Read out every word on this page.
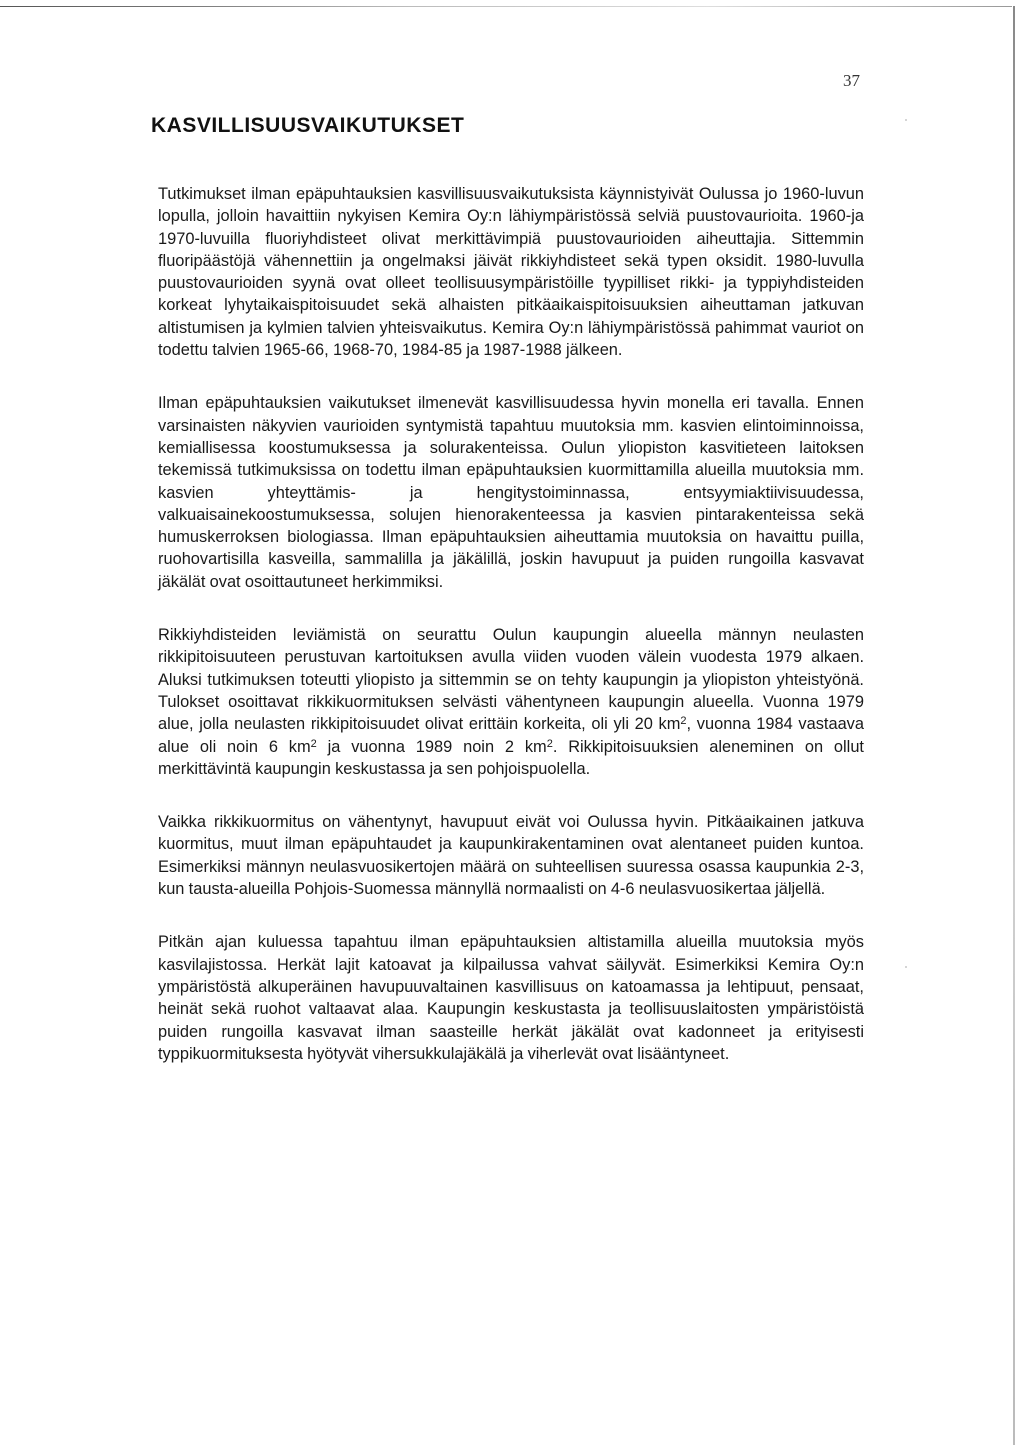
37
KASVILLISUUSVAIKUTUKSET

Tutkimukset ilman epäpuhtauksien kasvillisuusvaikutuksista käynnistyivät Oulussa jo 1960-luvun lopulla, jolloin havaittiin nykyisen Kemira Oy:n lähiympäristössä selviä puustovaurioita. 1960-ja 1970-luvuilla fluoriyhdisteet olivat merkittävimpiä puustovaurioiden aiheuttajia. Sittemmin fluoripäästöjä vähennettiin ja ongelmaksi jäivät rikkiyhdisteet sekä typen oksidit. 1980-luvulla puustovaurioiden syynä ovat olleet teollisuusympäristöille tyypilliset rikki- ja typpiyhdisteiden korkeat lyhytaikaispitoisuudet sekä alhaisten pitkäaikaispitoisuuksien aiheuttaman jatkuvan altistumisen ja kylmien talvien yhteisvaikutus. Kemira Oy:n lähiympäristössä pahimmat vauriot on todettu talvien 1965-66, 1968-70, 1984-85 ja 1987-1988 jälkeen.

Ilman epäpuhtauksien vaikutukset ilmenevät kasvillisuudessa hyvin monella eri tavalla. Ennen varsinaisten näkyvien vaurioiden syntymistä tapahtuu muutoksia mm. kasvien elintoiminnoissa, kemiallisessa koostumuksessa ja solurakenteissa. Oulun yliopiston kasvitieteen laitoksen tekemissä tutkimuksissa on todettu ilman epäpuhtauksien kuormittamilla alueilla muutoksia mm. kasvien yhteyttämis- ja hengitystoiminnassa, entsyymiaktiivisuudessa, valkuaisainekoostumuksessa, solujen hienorakenteessa ja kasvien pintarakenteissa sekä humuskerroksen biologiassa. Ilman epäpuhtauksien aiheuttamia muutoksia on havaittu puilla, ruohovartisilla kasveilla, sammalilla ja jäkälillä, joskin havupuut ja puiden rungoilla kasvavat jäkälät ovat osoittautuneet herkimmiksi.

Rikkiyhdisteiden leviämistä on seurattu Oulun kaupungin alueella männyn neulasten rikkipitoisuuteen perustuvan kartoituksen avulla viiden vuoden välein vuodesta 1979 alkaen. Aluksi tutkimuksen toteutti yliopisto ja sittemmin se on tehty kaupungin ja yliopiston yhteistyönä. Tulokset osoittavat rikkikuormituksen selvästi vähentyneen kaupungin alueella. Vuonna 1979 alue, jolla neulasten rikkipitoisuudet olivat erittäin korkeita, oli yli 20 $km^2$, vuonna 1984 vastaava alue oli noin 6 $km^2$ ja vuonna 1989 noin 2 $km^2$. Rikkipitoisuuksien aleneminen on ollut merkittävintä kaupungin keskustassa ja sen pohjoispuolella.

Vaikka rikkikuormitus on vähentynyt, havupuut eivät voi Oulussa hyvin. Pitkäaikainen jatkuva kuormitus, muut ilman epäpuhtaudet ja kaupunkirakentaminen ovat alentaneet puiden kuntoa. Esimerkiksi männyn neulasvuosikertojen määrä on suhteellisen suuressa osassa kaupunkia 2-3, kun tausta-alueilla Pohjois-Suomessa männyllä normaalisti on 4-6 neulasvuosikertaa jäljellä.

Pitkän ajan kuluessa tapahtuu ilman epäpuhtauksien altistamilla alueilla muutoksia myös kasvilajistossa. Herkät lajit katoavat ja kilpailussa vahvat säilyvät. Esimerkiksi Kemira Oy:n ympäristöstä alkuperäinen havupuuvaltainen kasvillisuus on katoamassa ja lehtipuut, pensaat, heinät sekä ruohot valtaavat alaa. Kaupungin keskustasta ja teollisuuslaitosten ympäristöistä puiden rungoilla kasvavat ilman saasteille herkät jäkälät ovat kadonneet ja erityisesti typpikuormituksesta hyötyvät vihersukkulajäkälä ja viherlevät ovat lisääntyneet.
